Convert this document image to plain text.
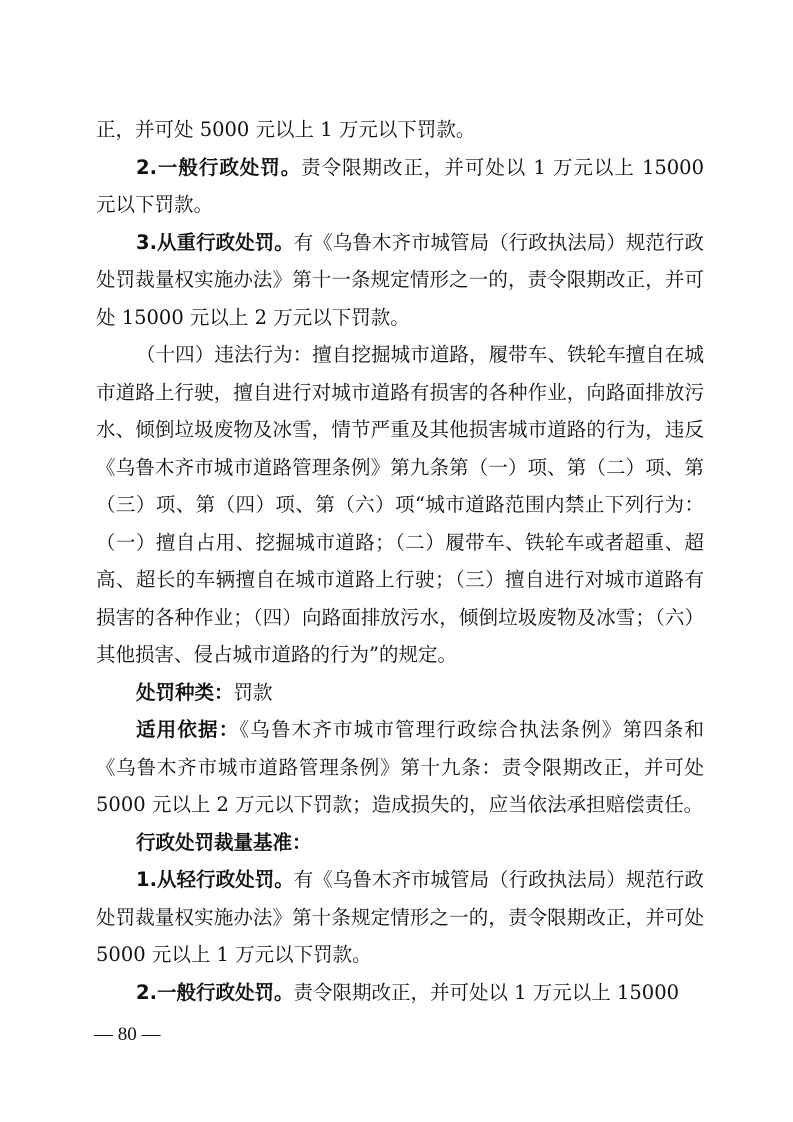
正，并可处 5000 元以上 1 万元以下罚款。

2.一般行政处罚。责令限期改正，并可处以 1 万元以上 15000 元以下罚款。

3.从重行政处罚。有《乌鲁木齐市城管局（行政执法局）规范行政处罚裁量权实施办法》第十一条规定情形之一的，责令限期改正，并可处 15000 元以上 2 万元以下罚款。

（十四）违法行为：擅自挖掘城市道路，履带车、铁轮车擅自在城市道路上行驶，擅自进行对城市道路有损害的各种作业，向路面排放污水、倾倒垃圾废物及冰雪，情节严重及其他损害城市道路的行为，违反《乌鲁木齐市城市道路管理条例》第九条第（一）项、第（二）项、第（三）项、第（四）项、第（六）项“城市道路范围内禁止下列行为：（一）擅自占用、挖掘城市道路；（二）履带车、铁轮车或者超重、超高、超长的车辆擅自在城市道路上行驶；（三）擅自进行对城市道路有损害的各种作业；（四）向路面排放污水，倾倒垃圾废物及冰雪；（六）其他损害、侵占城市道路的行为”的规定。

处罚种类：罚款

适用依据：《乌鲁木齐市城市管理行政综合执法条例》第四条和《乌鲁木齐市城市道路管理条例》第十九条：责令限期改正，并可处 5000 元以上 2 万元以下罚款；造成损失的，应当依法承担赔偿责任。

行政处罚裁量基准：

1.从轻行政处罚。有《乌鲁木齐市城管局（行政执法局）规范行政处罚裁量权实施办法》第十条规定情形之一的，责令限期改正，并可处 5000 元以上 1 万元以下罚款。

2.一般行政处罚。责令限期改正，并可处以 1 万元以上 15000

— 80 —
